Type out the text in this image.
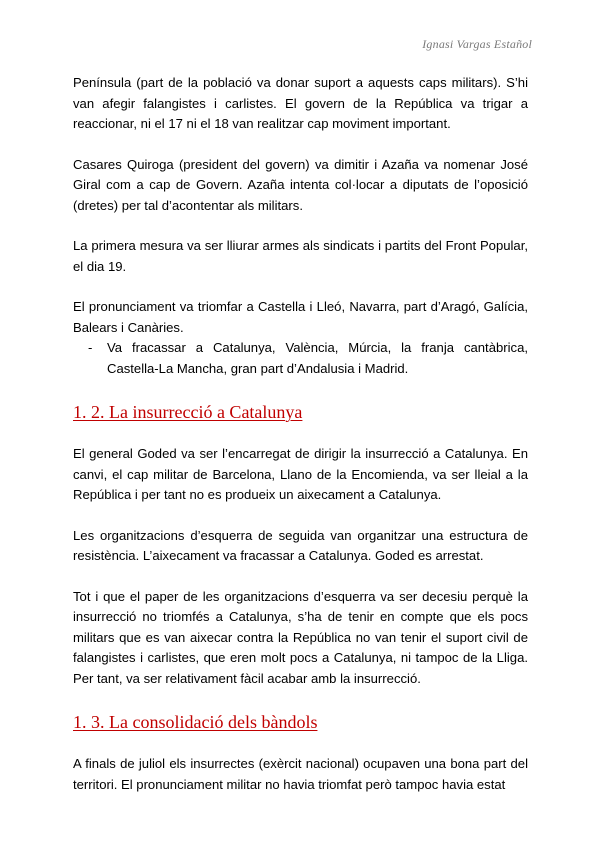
Ignasi Vargas Estañol

Península (part de la població va donar suport a aquests caps militars). S’hi van afegir falangistes i carlistes. El govern de la República va trigar a reaccionar, ni el 17 ni el 18 van realitzar cap moviment important.

Casares Quiroga (president del govern) va dimitir i Azaña va nomenar José Giral com a cap de Govern. Azaña intenta col·locar a diputats de l’oposició (dretes) per tal d’acontentar als militars.

La primera mesura va ser lliurar armes als sindicats i partits del Front Popular, el dia 19.

El pronunciament va triomfar a Castella i Lleó, Navarra, part d’Aragó, Galícia, Balears i Canàries.

- Va fracassar a Catalunya, València, Múrcia, la franja cantàbrica, Castella-La Mancha, gran part d’Andalusia i Madrid.
1. 2. La insurrecció a Catalunya

El general Goded va ser l’encarregat de dirigir la insurrecció a Catalunya. En canvi, el cap militar de Barcelona, Llano de la Encomienda, va ser lleial a la República i per tant no es produeix un aixecament a Catalunya.

Les organitzacions d’esquerra de seguida van organitzar una estructura de resistència. L’aixecament va fracassar a Catalunya. Goded es arrestat.

Tot i que el paper de les organitzacions d’esquerra va ser decesiu perquè la insurrecció no triomfés a Catalunya, s’ha de tenir en compte que els pocs militars que es van aixecar contra la República no van tenir el suport civil de falangistes i carlistes, que eren molt pocs a Catalunya, ni tampoc de la Lliga. Per tant, va ser relativament fàcil acabar amb la insurrecció.

1. 3. La consolidació dels bàndols

A finals de juliol els insurrectes (exèrcit nacional) ocupaven una bona part del territori. El pronunciament militar no havia triomfat però tampoc havia estat
